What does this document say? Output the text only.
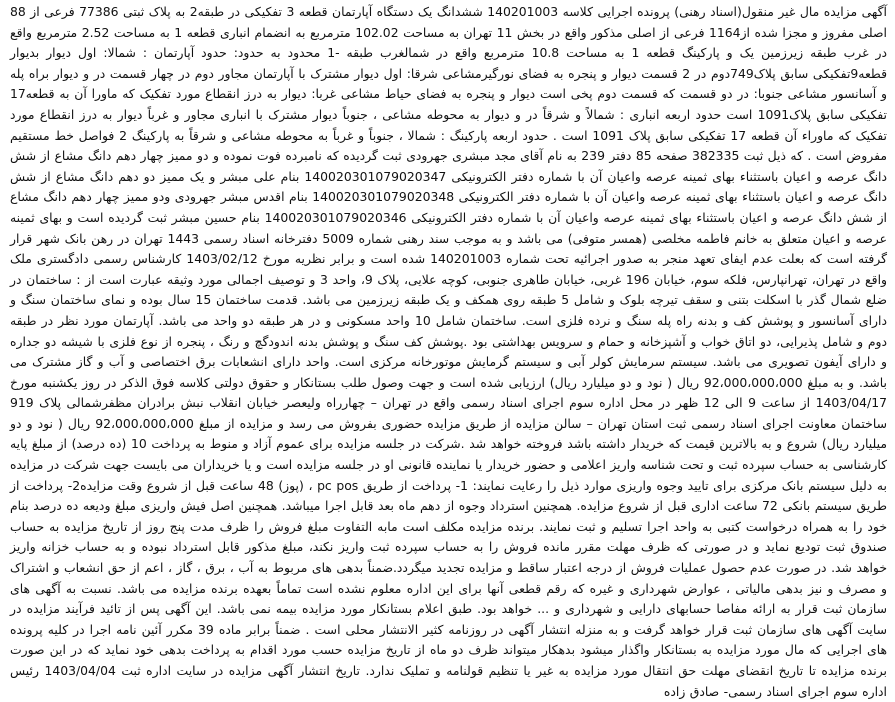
آگهی مزایده مال غیر منقول(اسناد رهنی) پرونده اجرایی کلاسه 140201003 ششدانگ یک دستگاه آپارتمان قطعه 3 تفکیکی در طبقه2 به پلاک ثبتی 77386 فرعی از 88 اصلی مفروز و مجزا شده از1164 فرعی از اصلی مذکور واقع در بخش 11 تهران به مساحت 102.02 مترمربع به انضمام انباری قطعه 1 به مساحت 2.52 مترمربع واقع در غرب طبقه زیرزمین یک و پارکینگ قطعه 1 به مساحت 10.8 مترمربع واقع در شمالغرب طبقه -1 محدود به حدود: حدود آپارتمان : شمالا: اول دیوار بدیوار قطعه9تفکیکی سابق پلاک749دوم در 2 قسمت دیوار و پنجره به فضای نورگیرمشاعی شرقا: اول دیوار مشترک با آپارتمان مجاور دوم در چهار قسمت در و دیوار براه پله و آسانسور مشاعی جنوبا: در دو قسمت که قسمت دوم پخی است دیوار و پنجره به فضای حیاط مشاعی غربا: دیوار به درز انقطاع مورد تفکیک که ماورا آن به قطعه17 تفکیکی سابق پلاک1091 است حدود اربعه انباری : شمالاً و شرقاً در و دیوار به محوطه مشاعی ، جنوباً دیوار مشترک با انباری مجاور و غرباً دیوار به درز انقطاع مورد تفکیک که ماوراء آن قطعه 17 تفکیکی سابق پلاک 1091 است . حدود اربعه پارکینگ : شمالا ، جنوباً و غرباً به محوطه مشاعی و شرقاً به پارکینگ 2 فواصل خط مستقیم مفروض است . که ذیل ثبت 382335 صفحه 85 دفتر 239 به نام آقای مجد مبشری جهرودی ثبت گردیده که نامبرده فوت نموده و دو ممیز چهار دهم دانگ مشاع از شش دانگ عرصه و اعیان باستثناء بهای ثمینه عرصه واعیان آن با شماره دفتر الکترونیکی 140020301079020347 بنام علی مبشر و یک ممیز دو دهم دانگ مشاع از شش دانگ عرصه و اعیان باستثناء بهای ثمینه عرصه واعیان آن با شماره دفتر الکترونیکی 140020301079020348 بنام اقدس مبشر جهرودی ودو ممیز چهار دهم دانگ مشاع از شش دانگ عرصه و اعیان باستثناء بهای ثمینه عرصه واعیان آن با شماره دفتر الکترونیکی 140020301079020346 بنام حسین مبشر ثبت گردیده است و بهای ثمینه عرصه و اعیان متعلق به خانم فاطمه مخلصی (همسر متوفی) می باشد و به موجب سند رهنی شماره 5009 دفترخانه اسناد رسمی 1443 تهران در رهن بانک شهر قرار گرفته است که بعلت عدم ایفای تعهد منجر به صدور اجرائیه تحت شماره 140201003 شده است و برابر نظریه مورخ 1403/02/12 کارشناس رسمی دادگستری ملک واقع در تهران، تهرانپارس، فلکه سوم، خیابان 196 غربی، خیابان طاهری جنوبی، کوچه علایی، پلاک 9، واحد 3 و توصیف اجمالی مورد وثیقه عبارت است از : ساختمان در ضلع شمال گذر با اسکلت بتنی و سقف تیرچه بلوک و شامل 5 طبقه روی همکف و یک طبقه زیرزمین می باشد. قدمت ساختمان 15 سال بوده و نمای ساختمان سنگ و دارای آسانسور و پوشش کف و بدنه راه پله سنگ و نرده فلزی است. ساختمان شامل 10 واحد مسکونی و در هر طبقه دو واحد می باشد. آپارتمان مورد نظر در طبقه دوم و شامل پذیرایی، دو اتاق خواب و آشپزخانه و حمام و سرویس بهداشتی بود .پوشش کف سنگ و پوشش بدنه اندودگچ و رنگ ، پنجره از نوع فلزی با شیشه دو جداره و دارای آیفون تصویری می باشد. سیستم سرمایش کولر آبی و سیستم گرمایش موتورخانه مرکزی است. واحد دارای انشعابات برق اختصاصی و آب و گاز مشترک می باشد. و به مبلغ 92،000،000،000 ریال ( نود و دو میلیارد ریال) ارزیابی شده است و جهت وصول طلب بستانکار و حقوق دولتی کلاسه فوق الذکر در روز یکشنبه مورخ 1403/04/17 از ساعت 9 الی 12 ظهر در محل اداره سوم اجرای اسناد رسمی واقع در تهران – چهارراه ولیعصر خیابان انقلاب نبش برادران مظفرشمالی پلاک 919 ساختمان معاونت اجرای اسناد رسمی ثبت استان تهران – سالن مزایده از طریق مزایده حضوری بفروش می رسد و مزایده از مبلغ 92،000،000،000 ریال ( نود و دو میلیارد ریال) شروع و به بالاترین قیمت که خریدار داشته باشد فروخته خواهد شد .شرکت در جلسه مزایده برای عموم آزاد و منوط به پرداخت 10 (ده درصد) از مبلغ پایه کارشناسی به حساب سپرده ثبت و تحت شناسه واریز اعلامی و حضور خریدار یا نماینده قانونی او در جلسه مزایده است و یا خریداران می بایست جهت شرکت در مزایده به دلیل سیستم بانک مرکزی برای تایید وجوه واریزی موارد ذیل را رعایت نمایند: 1- پرداخت از طریق pc pos ، (پوز) 48 ساعت قبل از شروع وقت مزایده2- پرداخت از طریق سیستم بانکی 72 ساعت اداری قبل از شروع مزایده. همچنین استرداد وجوه از دهم ماه بعد قابل اجرا میباشد. همچنین اصل فیش واریزی مبلغ ودیعه ده درصد بنام خود را به همراه درخواست کتبی به واحد اجرا تسلیم و ثبت نمایند. برنده مزایده مکلف است مابه التفاوت مبلغ فروش را ظرف مدت پنج روز از تاریخ مزایده به حساب صندوق ثبت تودیع نماید و در صورتی که ظرف مهلت مقرر مانده فروش را به حساب سپرده ثبت واریز نکند، مبلغ مذکور قابل استرداد نبوده و به حساب خزانه واریز خواهد شد. در صورت عدم حصول عملیات فروش از درجه اعتبار ساقط و مزایده تجدید میگردد.ضمناً بدهی های مربوط به آب ، برق ، گاز ، اعم از حق انشعاب و اشتراک و مصرف و نیز بدهی مالیاتی ، عوارض شهرداری و غیره که رقم قطعی آنها برای این اداره معلوم نشده است تماماً بعهده برنده مزایده می باشد. نسبت به آگهی های سازمان ثبت قرار به ارائه مفاصا حسابهای دارایی و شهرداری و ... خواهد بود. طبق اعلام بستانکار مورد مزایده بیمه نمی باشد. این آگهی پس از تائید فرآیند مزایده در سایت آگهی های سازمان ثبت قرار خواهد گرفت و به منزله انتشار آگهی در روزنامه کثیر الانتشار محلی است . ضمناً برابر ماده 39 مکرر آئین نامه اجرا در کلیه پرونده های اجرایی که مال مورد مزایده به بستانکار واگذار میشود بدهکار میتواند ظرف دو ماه از تاریخ مزایده حسب مورد اقدام به پرداخت بدهی خود نماید که در این صورت برنده مزایده تا تاریخ انقضای مهلت حق انتقال مورد مزایده به غیر یا تنظیم قولنامه و تملیک ندارد. تاریخ انتشار آگهی مزایده در سایت اداره ثبت 1403/04/04 رئیس اداره سوم اجرای اسناد رسمی- صادق زاده
